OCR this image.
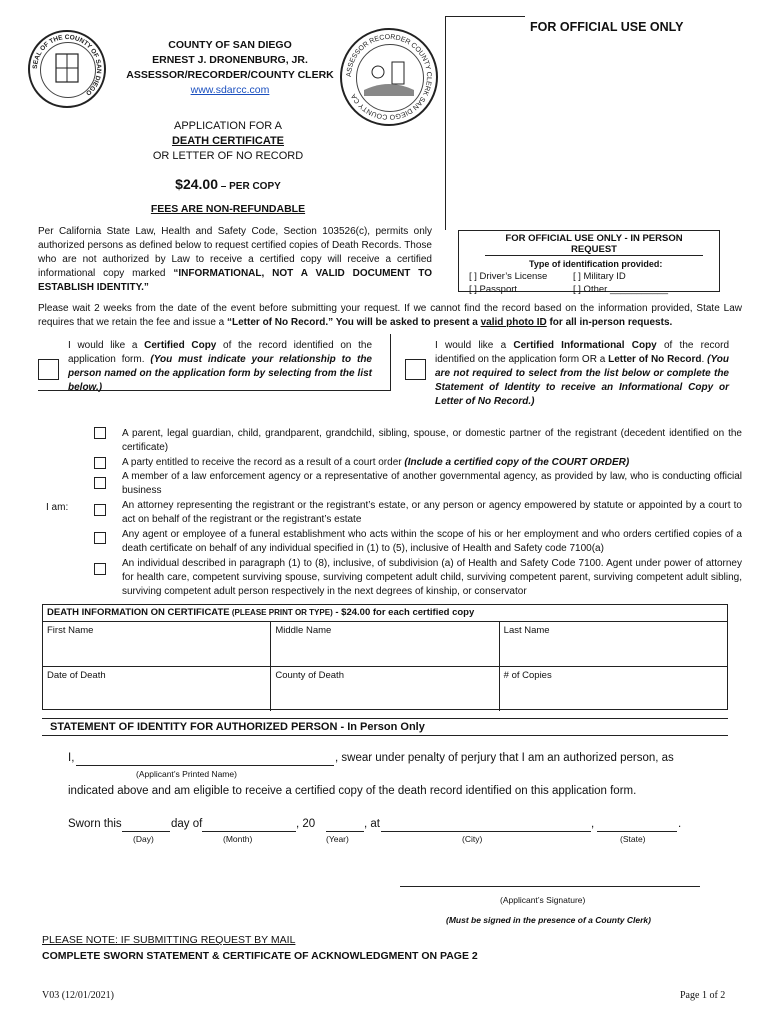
FOR OFFICIAL USE ONLY
SEAL OF THE COUNTY OF SAN DIEGO
ASSESSOR RECORDER COUNTY CLERK SAN DIEGO COUNTY CA
COUNTY OF SAN DIEGO
ERNEST J. DRONENBURG, JR.
ASSESSOR/RECORDER/COUNTY CLERK
www.sdarcc.com
APPLICATION FOR A
DEATH CERTIFICATE
OR LETTER OF NO RECORD
$24.00 – PER COPY
FEES ARE NON-REFUNDABLE
Per California State Law, Health and Safety Code, Section 103526(c), permits only authorized persons as defined below to request certified copies of Death Records. Those who are not authorized by Law to receive a certified copy will receive a certified informational copy marked “INFORMATIONAL, NOT A VALID DOCUMENT TO ESTABLISH IDENTITY.”
FOR OFFICIAL USE ONLY - IN PERSON REQUEST
Type of identification provided:
[ ] Driver’s License	[ ] Military ID
[ ] Passport	[ ] Other ___________
Please wait 2 weeks from the date of the event before submitting your request. If we cannot find the record based on the information provided, State Law requires that we retain the fee and issue a “Letter of No Record.” You will be asked to present a valid photo ID for all in-person requests.
I would like a Certified Copy of the record identified on the application form. (You must indicate your relationship to the person named on the application form by selecting from the list below.)
I would like a Certified Informational Copy of the record identified on the application form OR a Letter of No Record. (You are not required to select from the list below or complete the Statement of Identity to receive an Informational Copy or Letter of No Record.)
I am:
A parent, legal guardian, child, grandparent, grandchild, sibling, spouse, or domestic partner of the registrant (decedent identified on the certificate)
A party entitled to receive the record as a result of a court order (Include a certified copy of the COURT ORDER)
A member of a law enforcement agency or a representative of another governmental agency, as provided by law, who is conducting official business
An attorney representing the registrant or the registrant’s estate, or any person or agency empowered by statute or appointed by a court to act on behalf of the registrant or the registrant’s estate
Any agent or employee of a funeral establishment who acts within the scope of his or her employment and who orders certified copies of a death certificate on behalf of any individual specified in (1) to (5), inclusive of Health and Safety code 7100(a)
An individual described in paragraph (1) to (8), inclusive, of subdivision (a) of Health and Safety Code 7100. Agent under power of attorney for health care, competent surviving spouse, surviving competent adult child, surviving competent parent, surviving competent adult sibling, surviving competent adult person respectively in the next degrees of kinship, or conservator
DEATH INFORMATION ON CERTIFICATE (PLEASE PRINT OR TYPE) - $24.00 for each certified copy
First Name	Middle Name	Last Name
Date of Death	County of Death	# of Copies
STATEMENT OF IDENTITY FOR AUTHORIZED PERSON - In Person Only
I,	, swear under penalty of perjury that I am an authorized person, as
(Applicant’s Printed Name)
indicated above and am eligible to receive a certified copy of the death record identified on this application form.
Sworn this	day of	, 20	, at	,	.
(Day)	(Month)	(Year)	(City)	(State)
(Applicant’s Signature)
(Must be signed in the presence of a County Clerk)
PLEASE NOTE: IF SUBMITTING REQUEST BY MAIL
COMPLETE SWORN STATEMENT & CERTIFICATE OF ACKNOWLEDGMENT ON PAGE 2
V03 (12/01/2021)	Page 1 of 2
